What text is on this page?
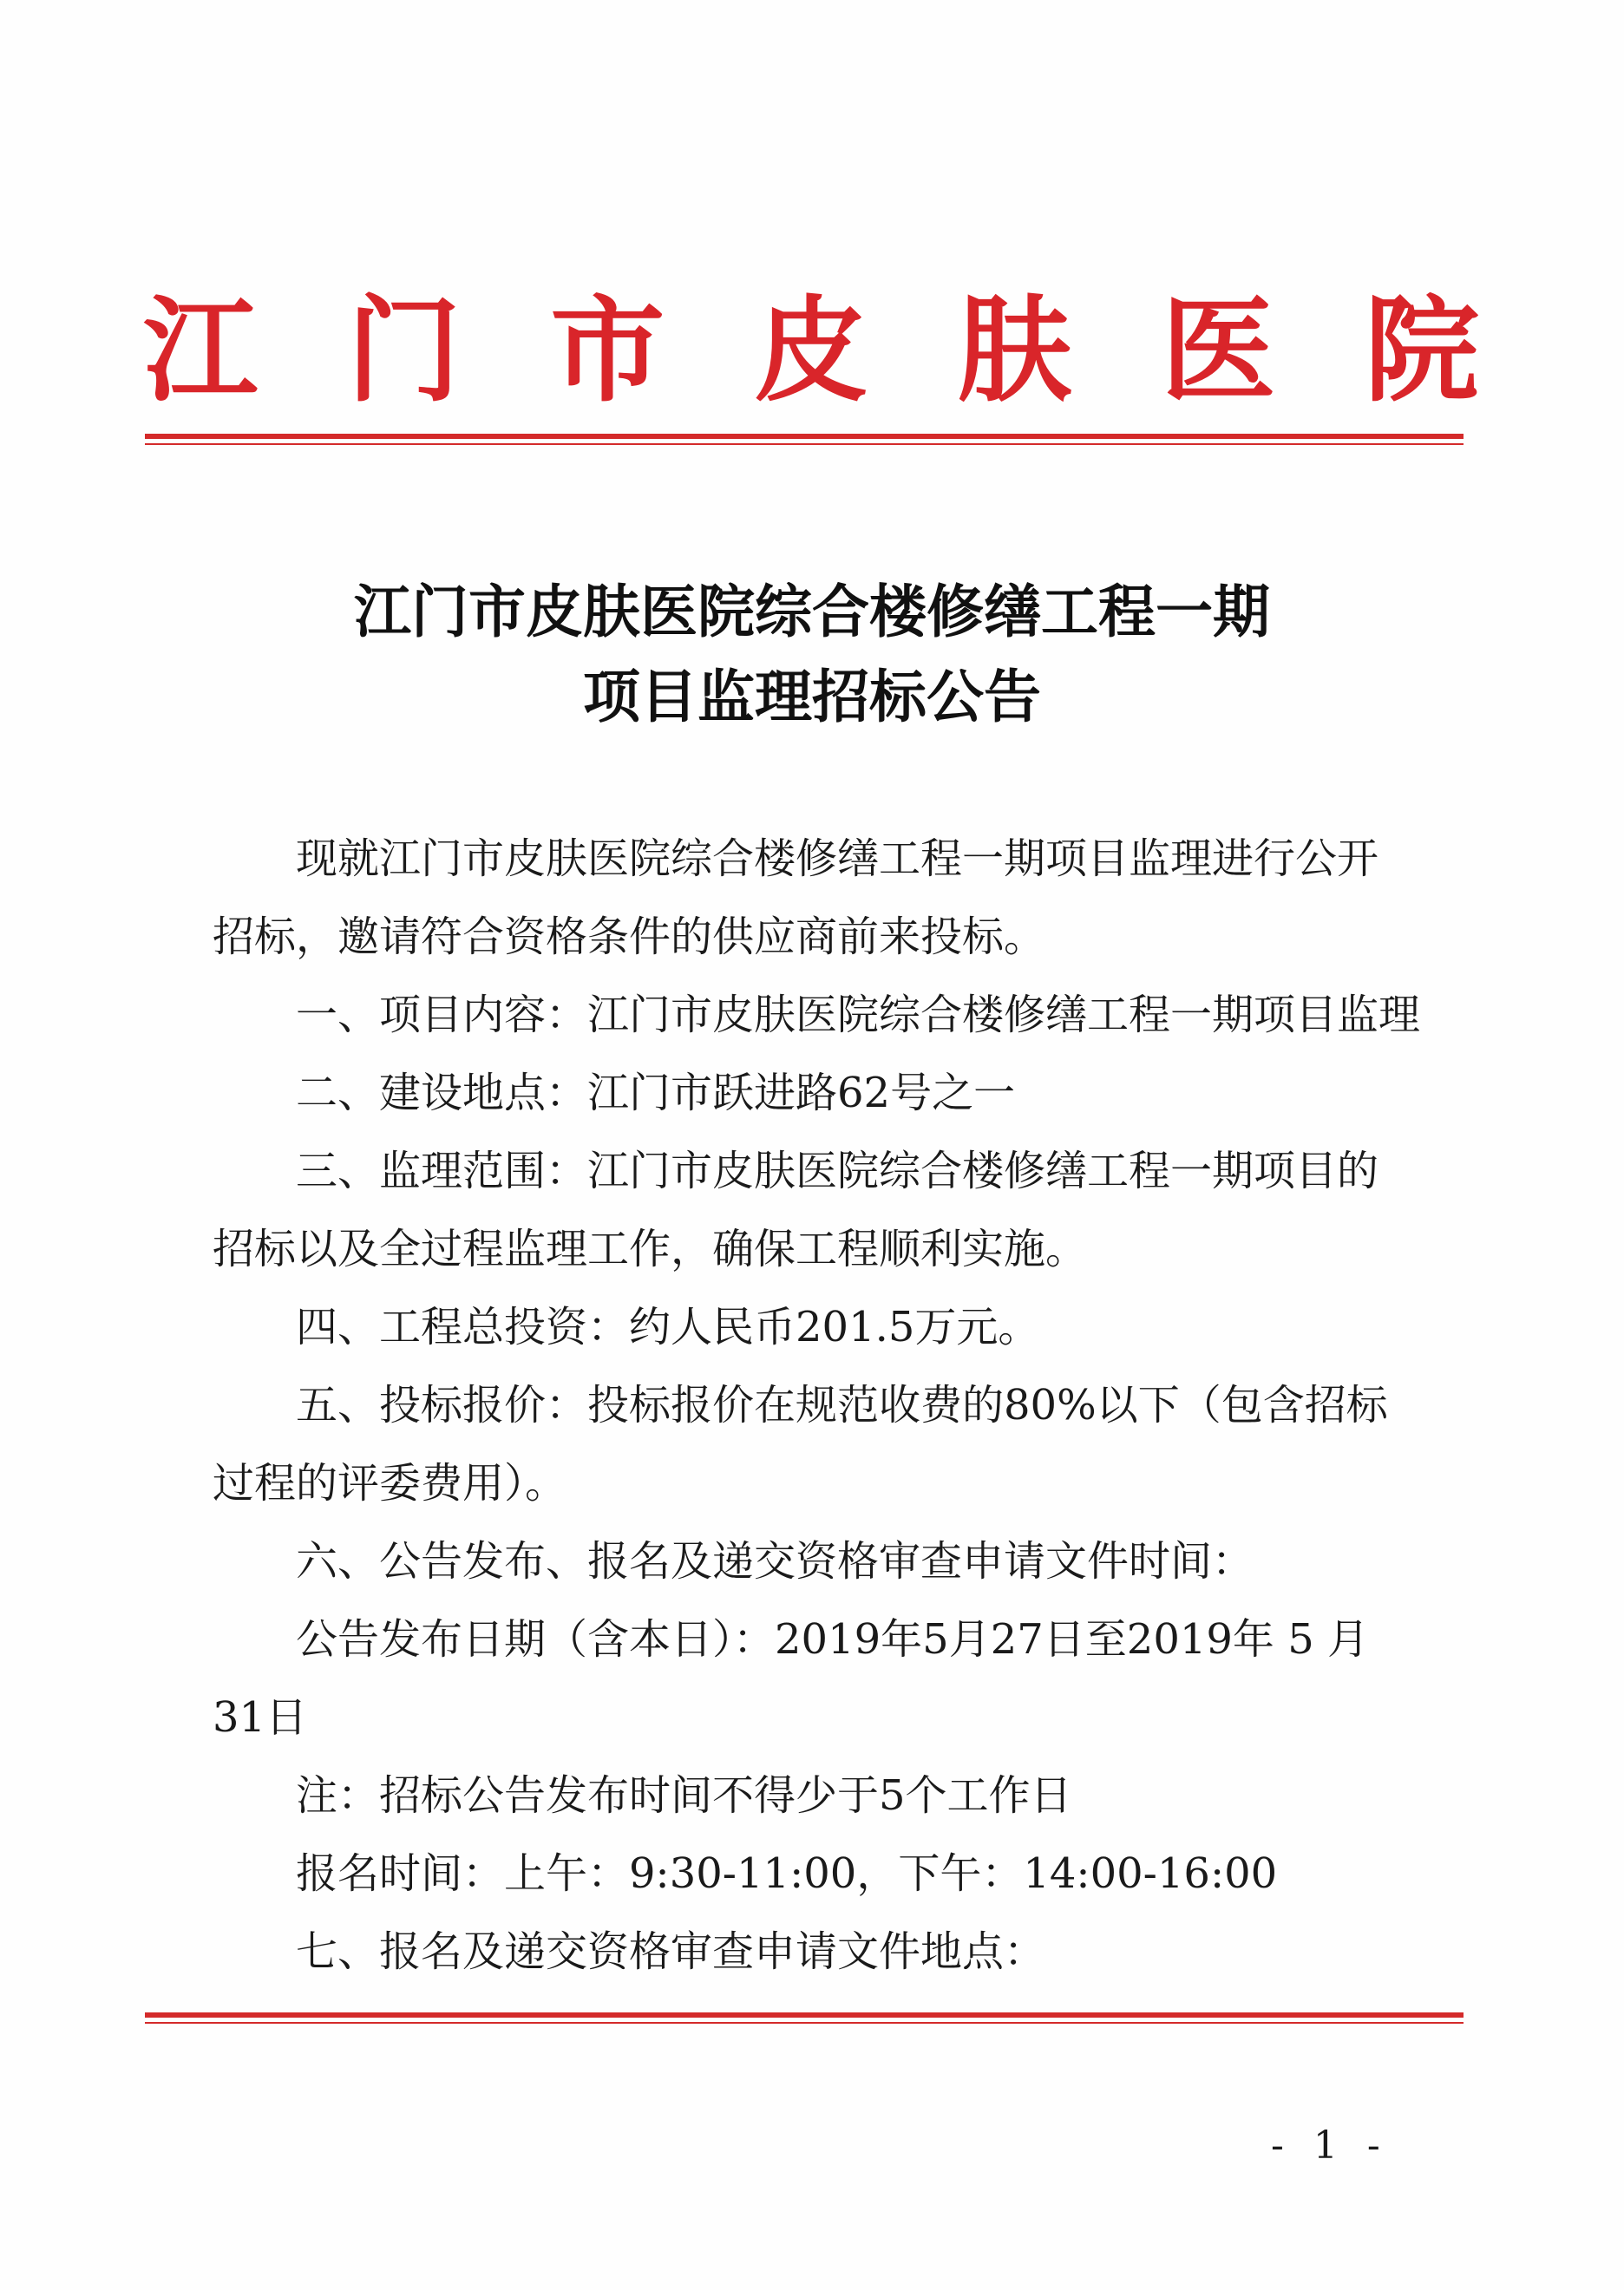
江 门 市 皮 肤 医 院
江门市皮肤医院综合楼修缮工程一期
项目监理招标公告

现就江门市皮肤医院综合楼修缮工程一期项目监理进行公开招标，邀请符合资格条件的供应商前来投标。

一、项目内容：江门市皮肤医院综合楼修缮工程一期项目监理

二、建设地点：江门市跃进路62号之一

三、监理范围：江门市皮肤医院综合楼修缮工程一期项目的招标以及全过程监理工作，确保工程顺利实施。

四、工程总投资：约人民币201.5万元。

五、投标报价：投标报价在规范收费的80%以下（包含招标过程的评委费用）。

六、公告发布、报名及递交资格审查申请文件时间：

公告发布日期（含本日）：2019年5月27日至2019年 5 月31日

注：招标公告发布时间不得少于5个工作日

报名时间：上午：9:30-11:00，下午：14:00-16:00

七、报名及递交资格审查申请文件地点：

- 1 -
